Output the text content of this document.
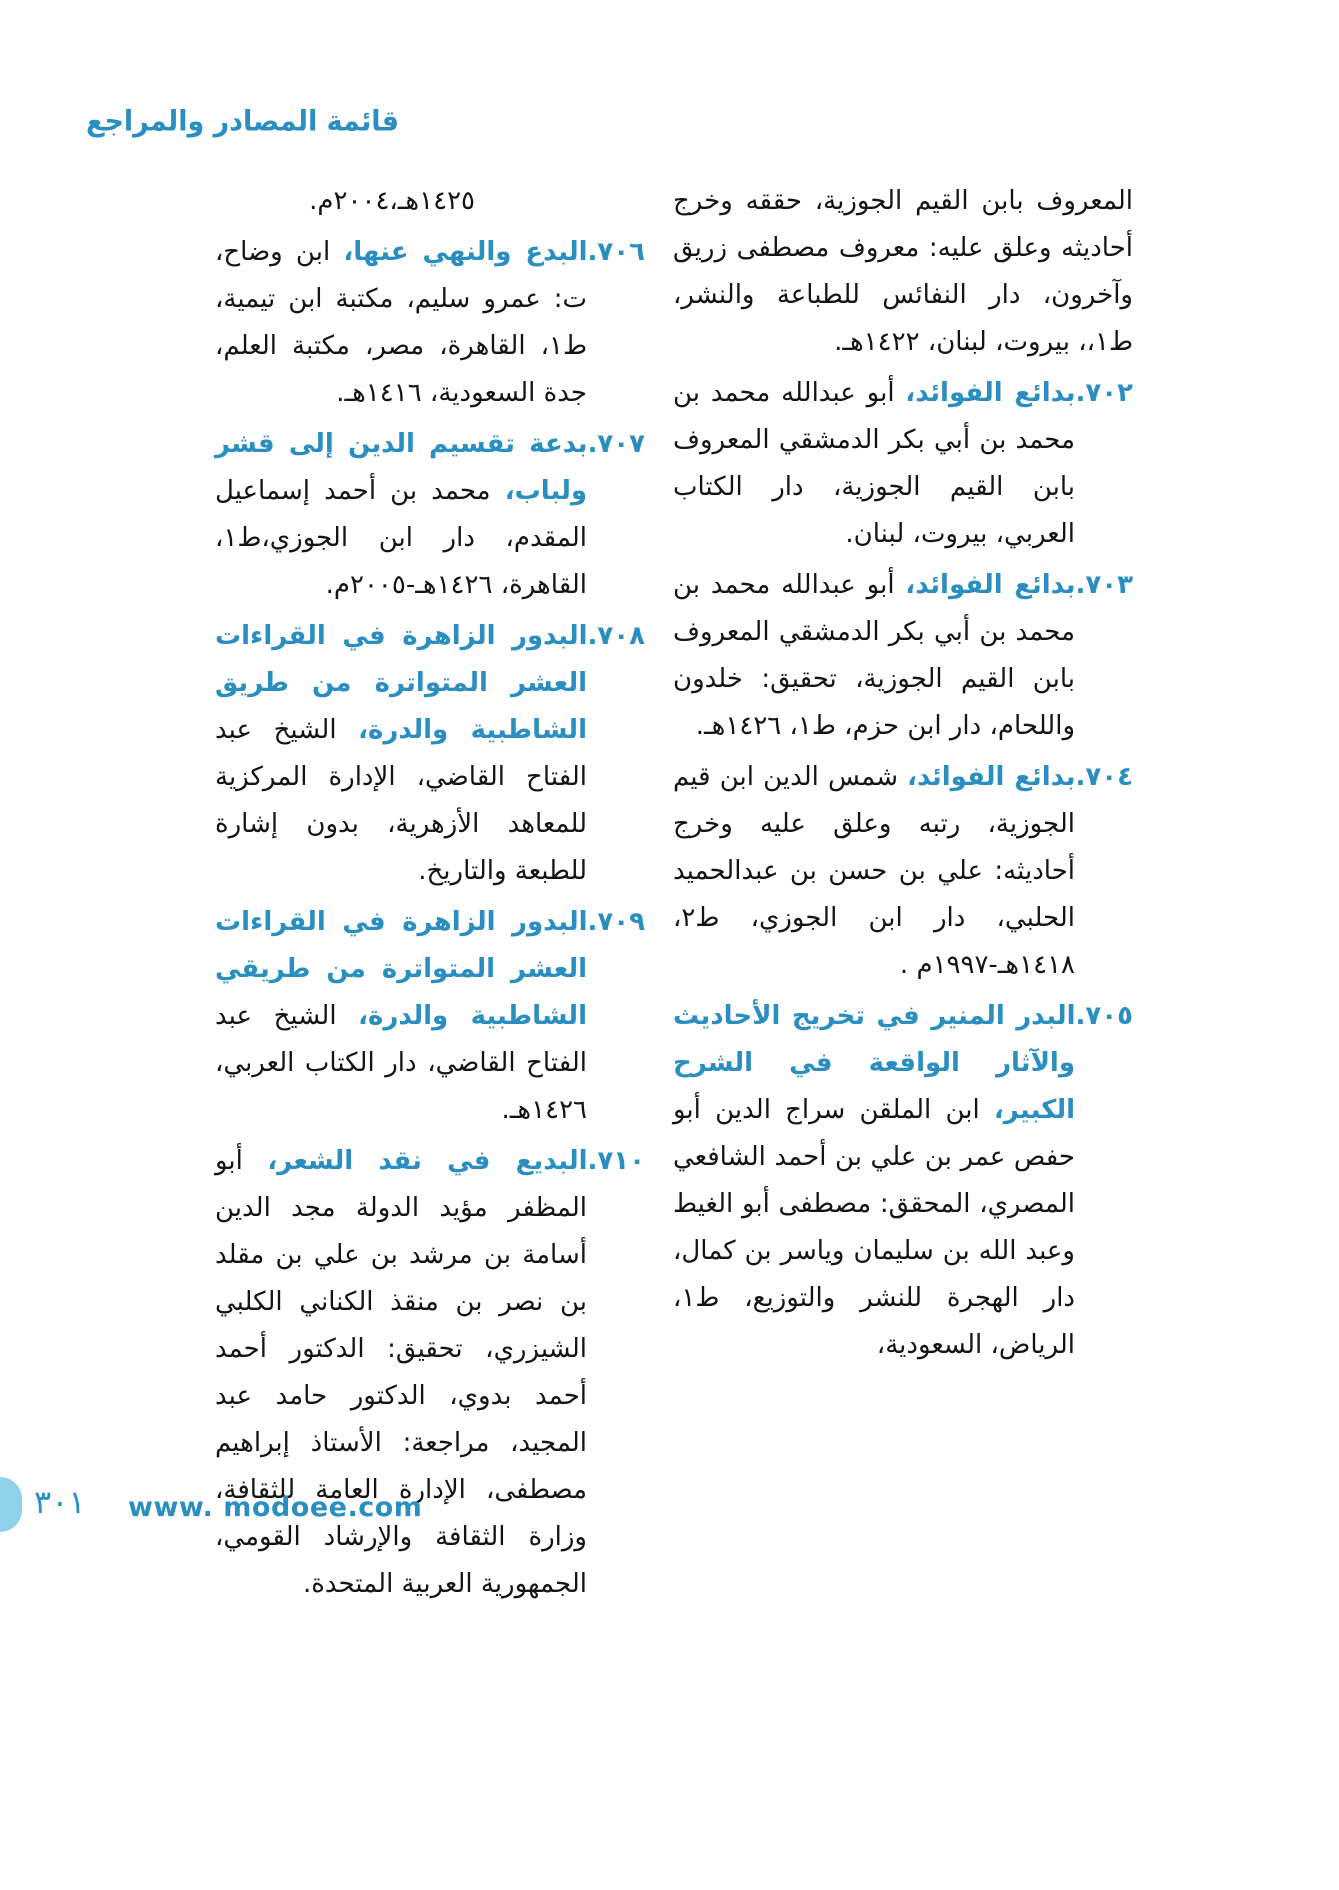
قائمة المصادر والمراجع

المعروف بابن القيم الجوزية، حققه وخرج أحاديثه وعلق عليه: معروف مصطفى زريق وآخرون، دار النفائس للطباعة والنشر، ط١،، بيروت، لبنان، ١٤٢٢هـ.

٧٠٢.بدائع الفوائد، أبو عبدالله محمد بن محمد بن أبي بكر الدمشقي المعروف بابن القيم الجوزية، دار الكتاب العربي، بيروت، لبنان.

٧٠٣.بدائع الفوائد، أبو عبدالله محمد بن محمد بن أبي بكر الدمشقي المعروف بابن القيم الجوزية، تحقيق: خلدون واللحام، دار ابن حزم، ط١، ١٤٢٦هـ.

٧٠٤.بدائع الفوائد، شمس الدين ابن قيم الجوزية، رتبه وعلق عليه وخرج أحاديثه: علي بن حسن بن عبدالحميد الحلبي، دار ابن الجوزي، ط٢، ١٤١٨هـ-١٩٩٧م .

٧٠٥.البدر المنير في تخريج الأحاديث والآثار الواقعة في الشرح الكبير، ابن الملقن سراج الدين أبو حفص عمر بن علي بن أحمد الشافعي المصري، المحقق: مصطفى أبو الغيط وعبد الله بن سليمان وياسر بن كمال، دار الهجرة للنشر والتوزيع، ط١، الرياض، السعودية،

١٤٢٥هـ،٢٠٠٤م.

٧٠٦.البدع والنهي عنها، ابن وضاح، ت: عمرو سليم، مكتبة ابن تيمية، ط١، القاهرة، مصر، مكتبة العلم، جدة السعودية، ١٤١٦هـ.

٧٠٧.بدعة تقسيم الدين إلى قشر ولباب، محمد بن أحمد إسماعيل المقدم، دار ابن الجوزي،ط١، القاهرة، ١٤٢٦هـ-٢٠٠٥م.

٧٠٨.البدور الزاهرة في القراءات العشر المتواترة من طريق الشاطبية والدرة، الشيخ عبد الفتاح القاضي، الإدارة المركزية للمعاهد الأزهرية، بدون إشارة للطبعة والتاريخ.

٧٠٩.البدور الزاهرة في القراءات العشر المتواترة من طريقي الشاطبية والدرة، الشيخ عبد الفتاح القاضي، دار الكتاب العربي، ١٤٢٦هـ.

٧١٠.البديع في نقد الشعر، أبو المظفر مؤيد الدولة مجد الدين أسامة بن مرشد بن علي بن مقلد بن نصر بن منقذ الكناني الكلبي الشيزري، تحقيق: الدكتور أحمد أحمد بدوي، الدكتور حامد عبد المجيد، مراجعة: الأستاذ إبراهيم مصطفى، الإدارة العامة للثقافة، وزارة الثقافة والإرشاد القومي، الجمهورية العربية المتحدة.

٣٠١ www. modoee.com
